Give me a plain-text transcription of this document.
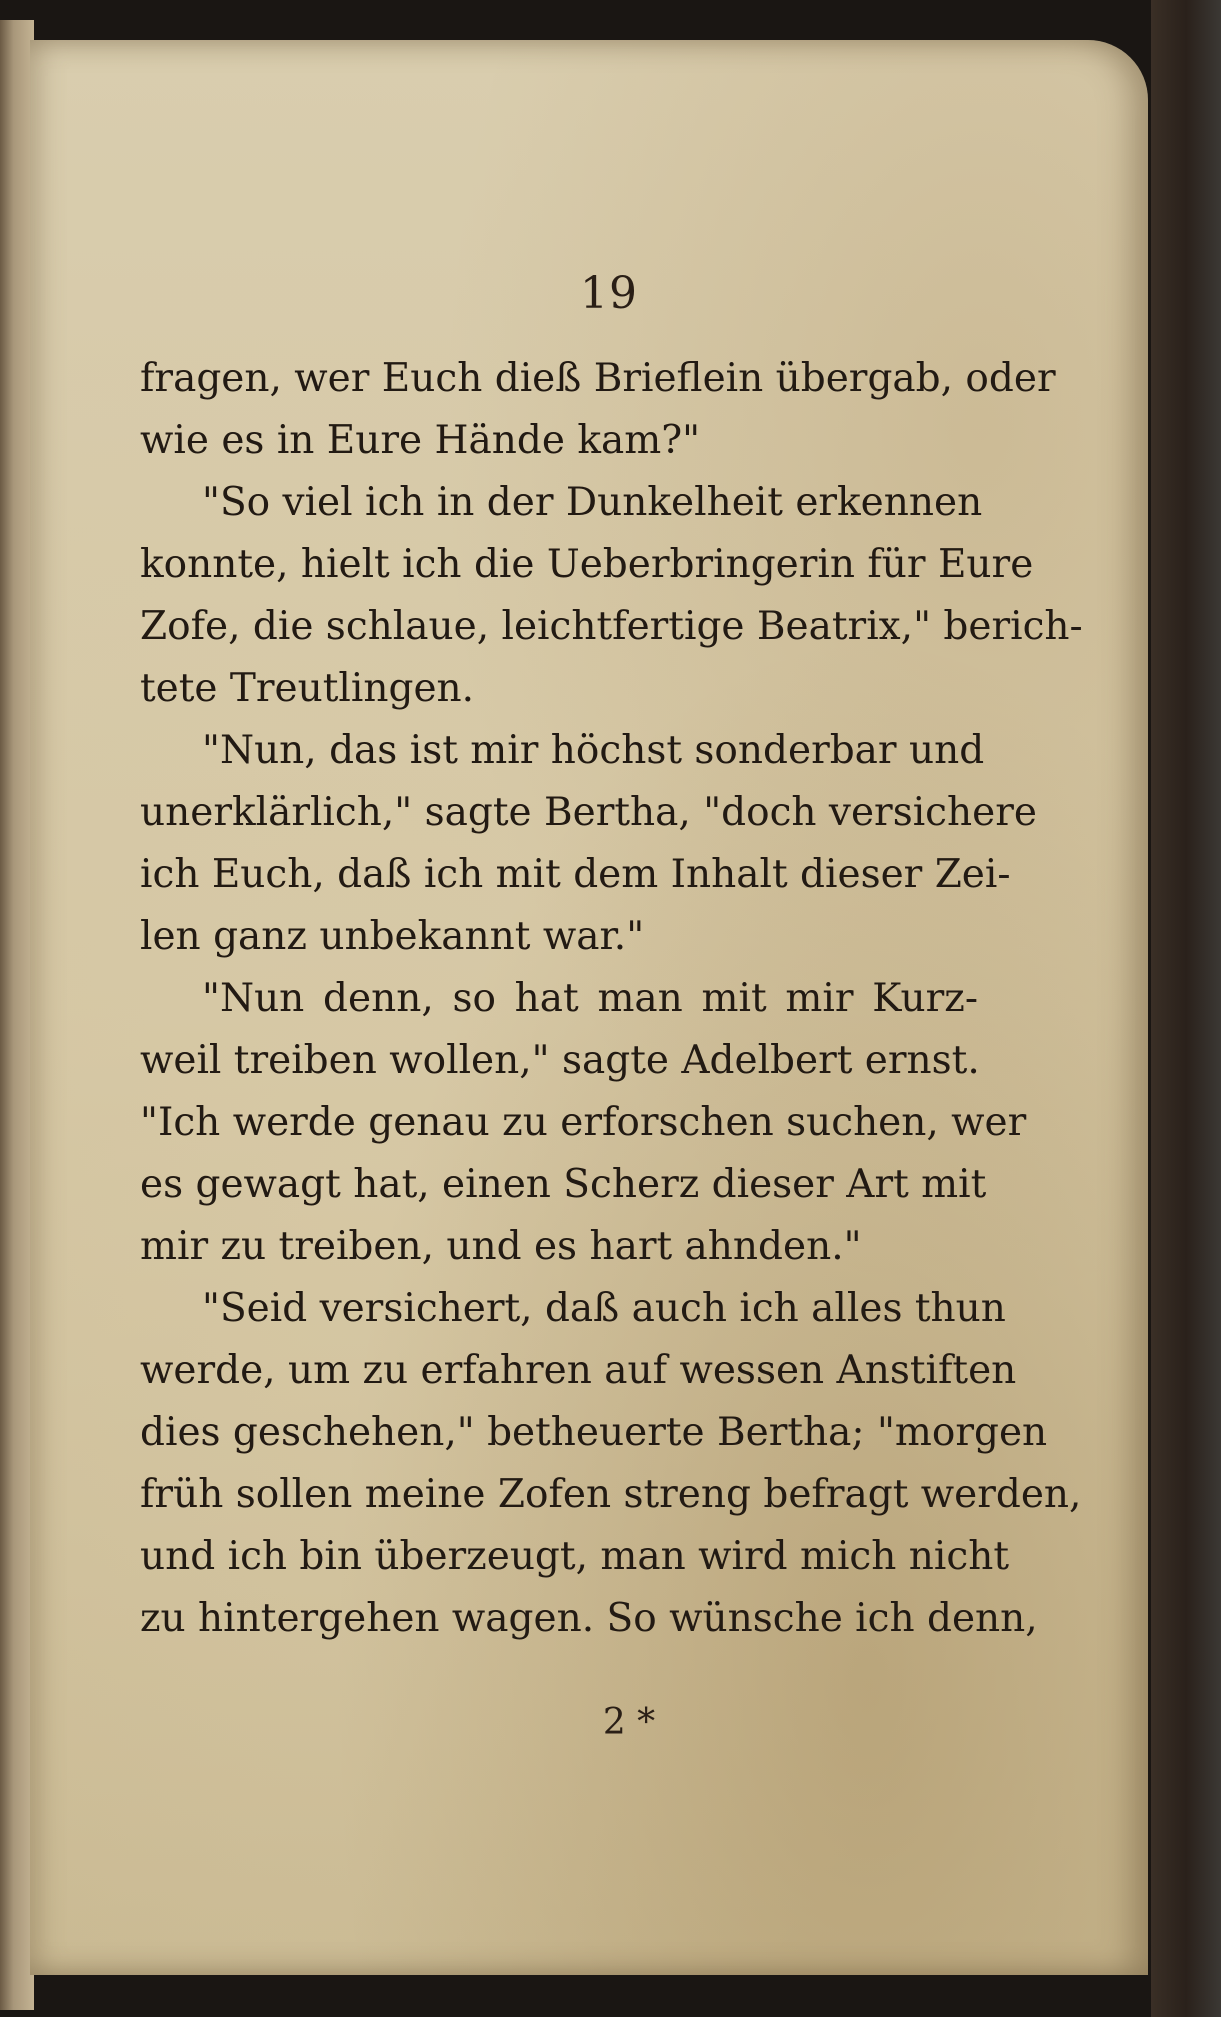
19
fragen, wer Euch dieß Brieflein übergab, oder
wie es in Eure Hände kam?"
"So viel ich in der Dunkelheit erkennen
konnte, hielt ich die Ueberbringerin für Eure
Zofe, die schlaue, leichtfertige Beatrix," berich-
tete Treutlingen.
"Nun, das ist mir höchst sonderbar und
unerklärlich," sagte Bertha, "doch versichere
ich Euch, daß ich mit dem Inhalt dieser Zei-
len ganz unbekannt war."
"Nun denn, so hat man mit mir Kurz-
weil treiben wollen," sagte Adelbert ernst.
"Ich werde genau zu erforschen suchen, wer
es gewagt hat, einen Scherz dieser Art mit
mir zu treiben, und es hart ahnden."
"Seid versichert, daß auch ich alles thun
werde, um zu erfahren auf wessen Anstiften
dies geschehen," betheuerte Bertha; "morgen
früh sollen meine Zofen streng befragt werden,
und ich bin überzeugt, man wird mich nicht
zu hintergehen wagen. So wünsche ich denn,
2 *
